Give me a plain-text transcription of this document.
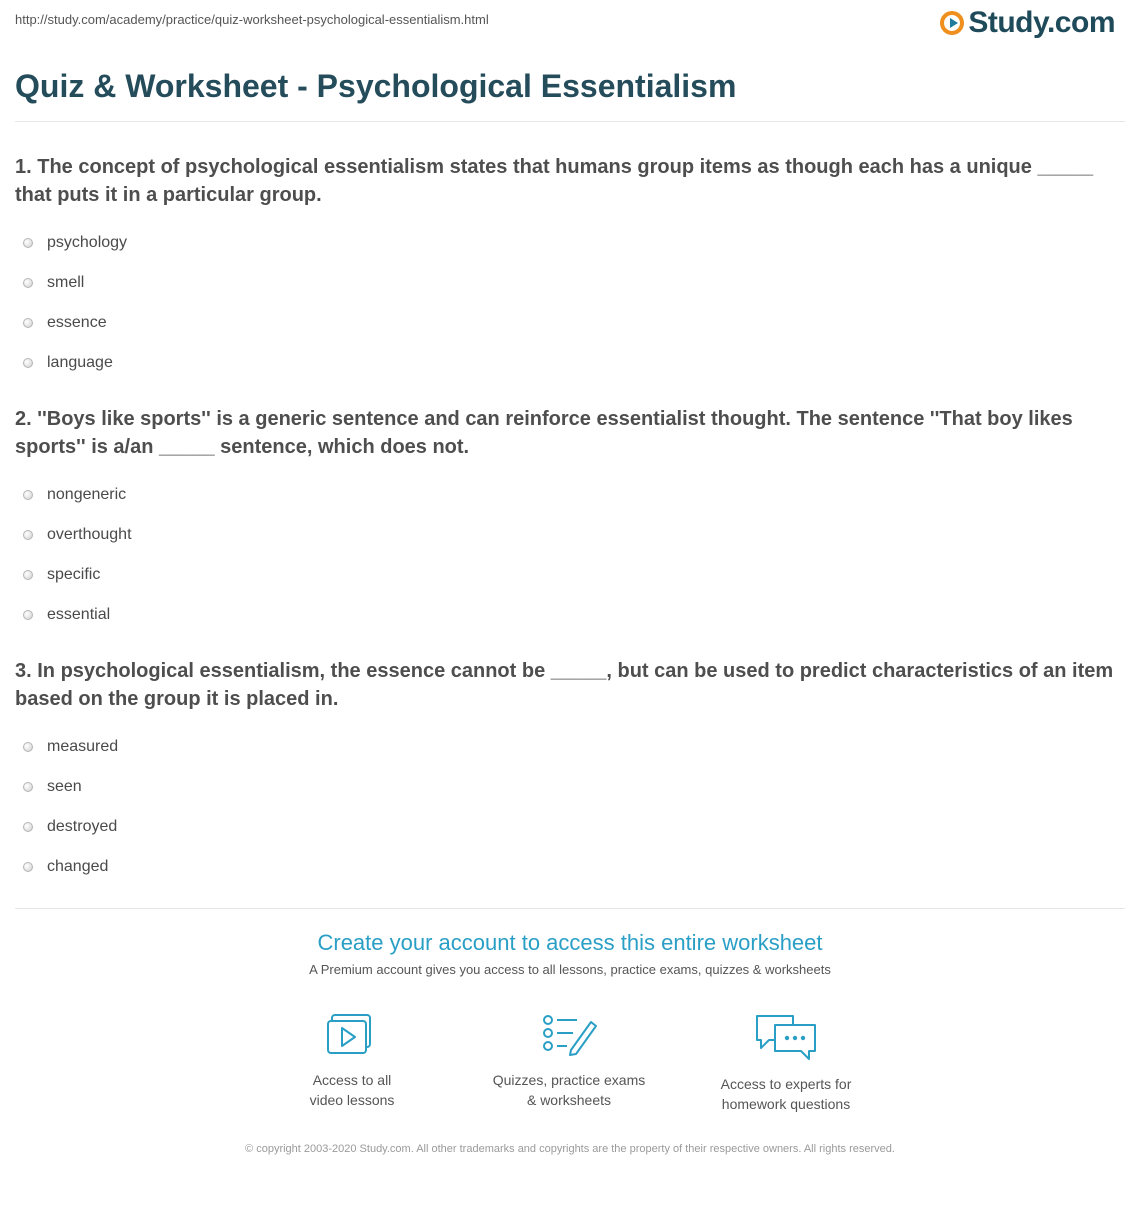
http://study.com/academy/practice/quiz-worksheet-psychological-essentialism.html	Study.com
Quiz & Worksheet - Psychological Essentialism

1. The concept of psychological essentialism states that humans group items as though each has a unique _____ that puts it in a particular group.

psychology
smell
essence
language

2. ''Boys like sports'' is a generic sentence and can reinforce essentialist thought. The sentence ''That boy likes sports'' is a/an _____ sentence, which does not.

nongeneric
overthought
specific
essential

3. In psychological essentialism, the essence cannot be _____, but can be used to predict characteristics of an item based on the group it is placed in.

measured
seen
destroyed
changed
Create your account to access this entire worksheet
A Premium account gives you access to all lessons, practice exams, quizzes & worksheets
Access to all
video lessons
Quizzes, practice exams
& worksheets
Access to experts for
homework questions
© copyright 2003-2020 Study.com. All other trademarks and copyrights are the property of their respective owners. All rights reserved.
